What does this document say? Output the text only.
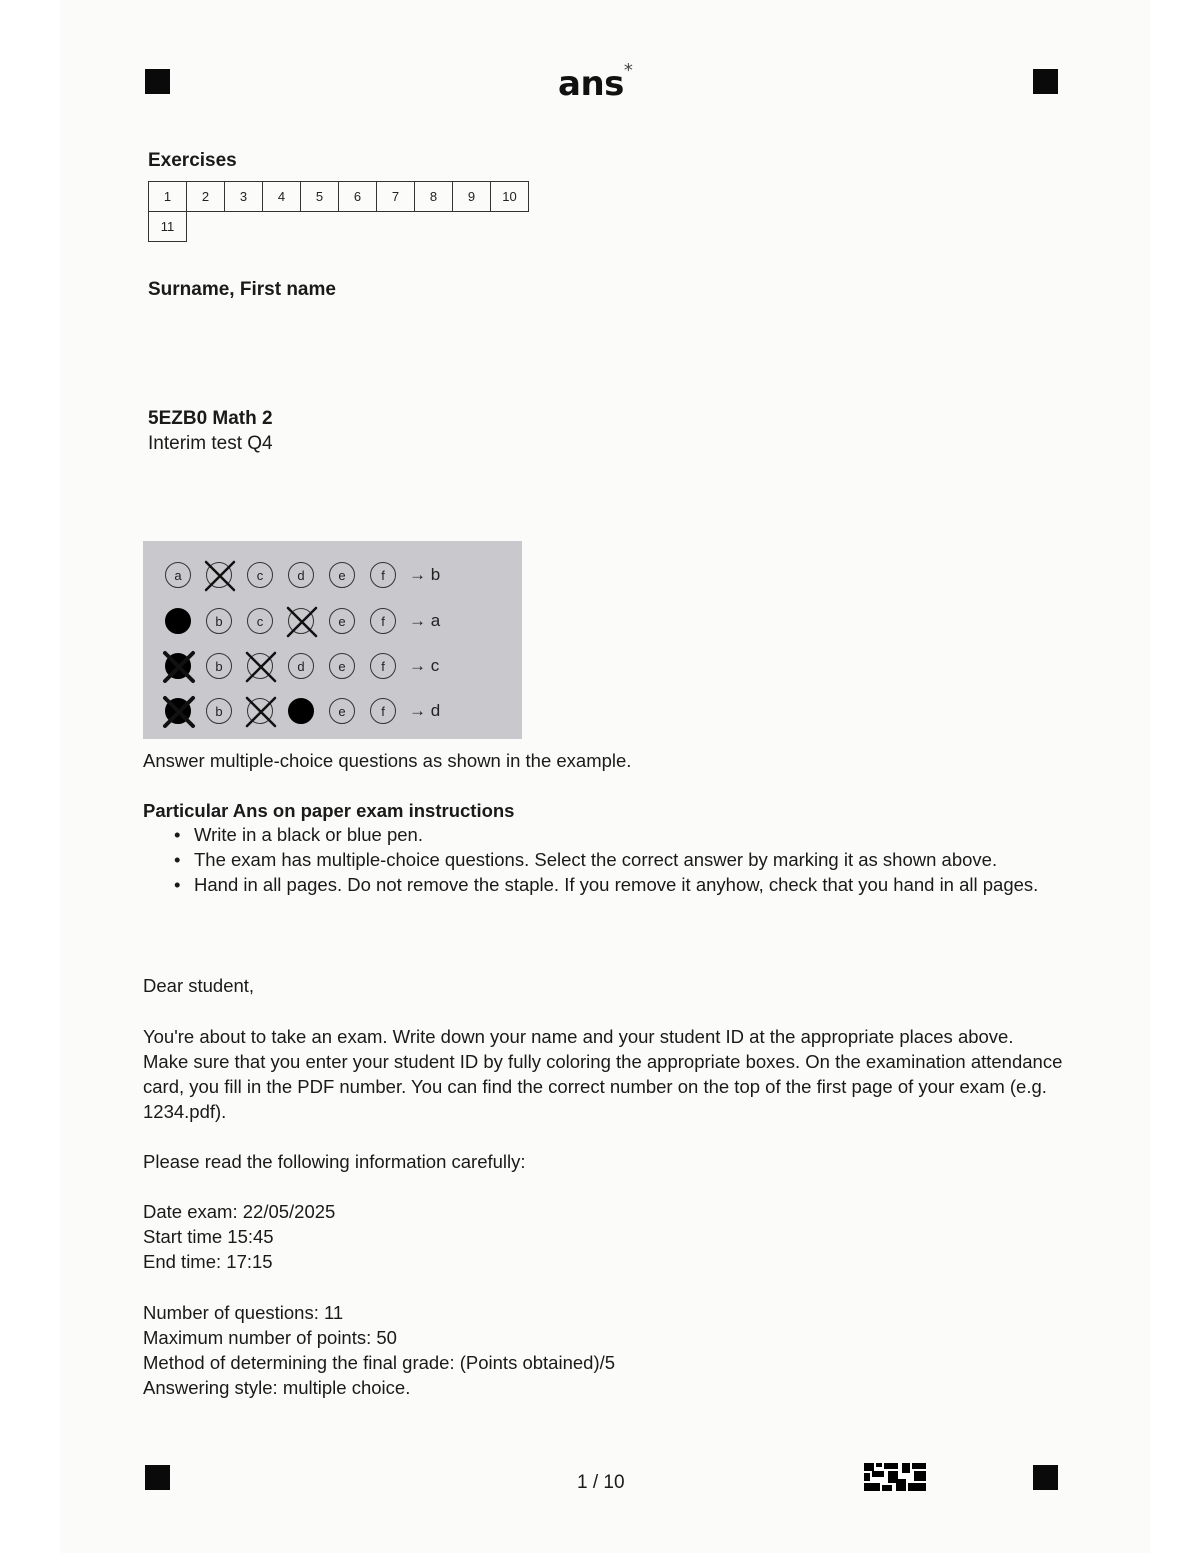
ans*
Exercises
1	2	3	4	5	6	7	8	9	10
11
Surname, First name
5EZB0 Math 2
Interim test Q4
a	c	d	e	f → b
b	c	e	f → a
b	d	e	f → c
b	e	f → d
Answer multiple-choice questions as shown in the example.
Particular Ans on paper exam instructions
• Write in a black or blue pen.
• The exam has multiple-choice questions. Select the correct answer by marking it as shown above.
• Hand in all pages. Do not remove the staple. If you remove it anyhow, check that you hand in all pages.
Dear student,
You're about to take an exam. Write down your name and your student ID at the appropriate places above. Make sure that you enter your student ID by fully coloring the appropriate boxes. On the examination attendance card, you fill in the PDF number. You can find the correct number on the top of the first page of your exam (e.g. 1234.pdf).
Please read the following information carefully:
Date exam: 22/05/2025
Start time 15:45
End time: 17:15
Number of questions: 11
Maximum number of points: 50
Method of determining the final grade: (Points obtained)/5
Answering style: multiple choice.
1 / 10
